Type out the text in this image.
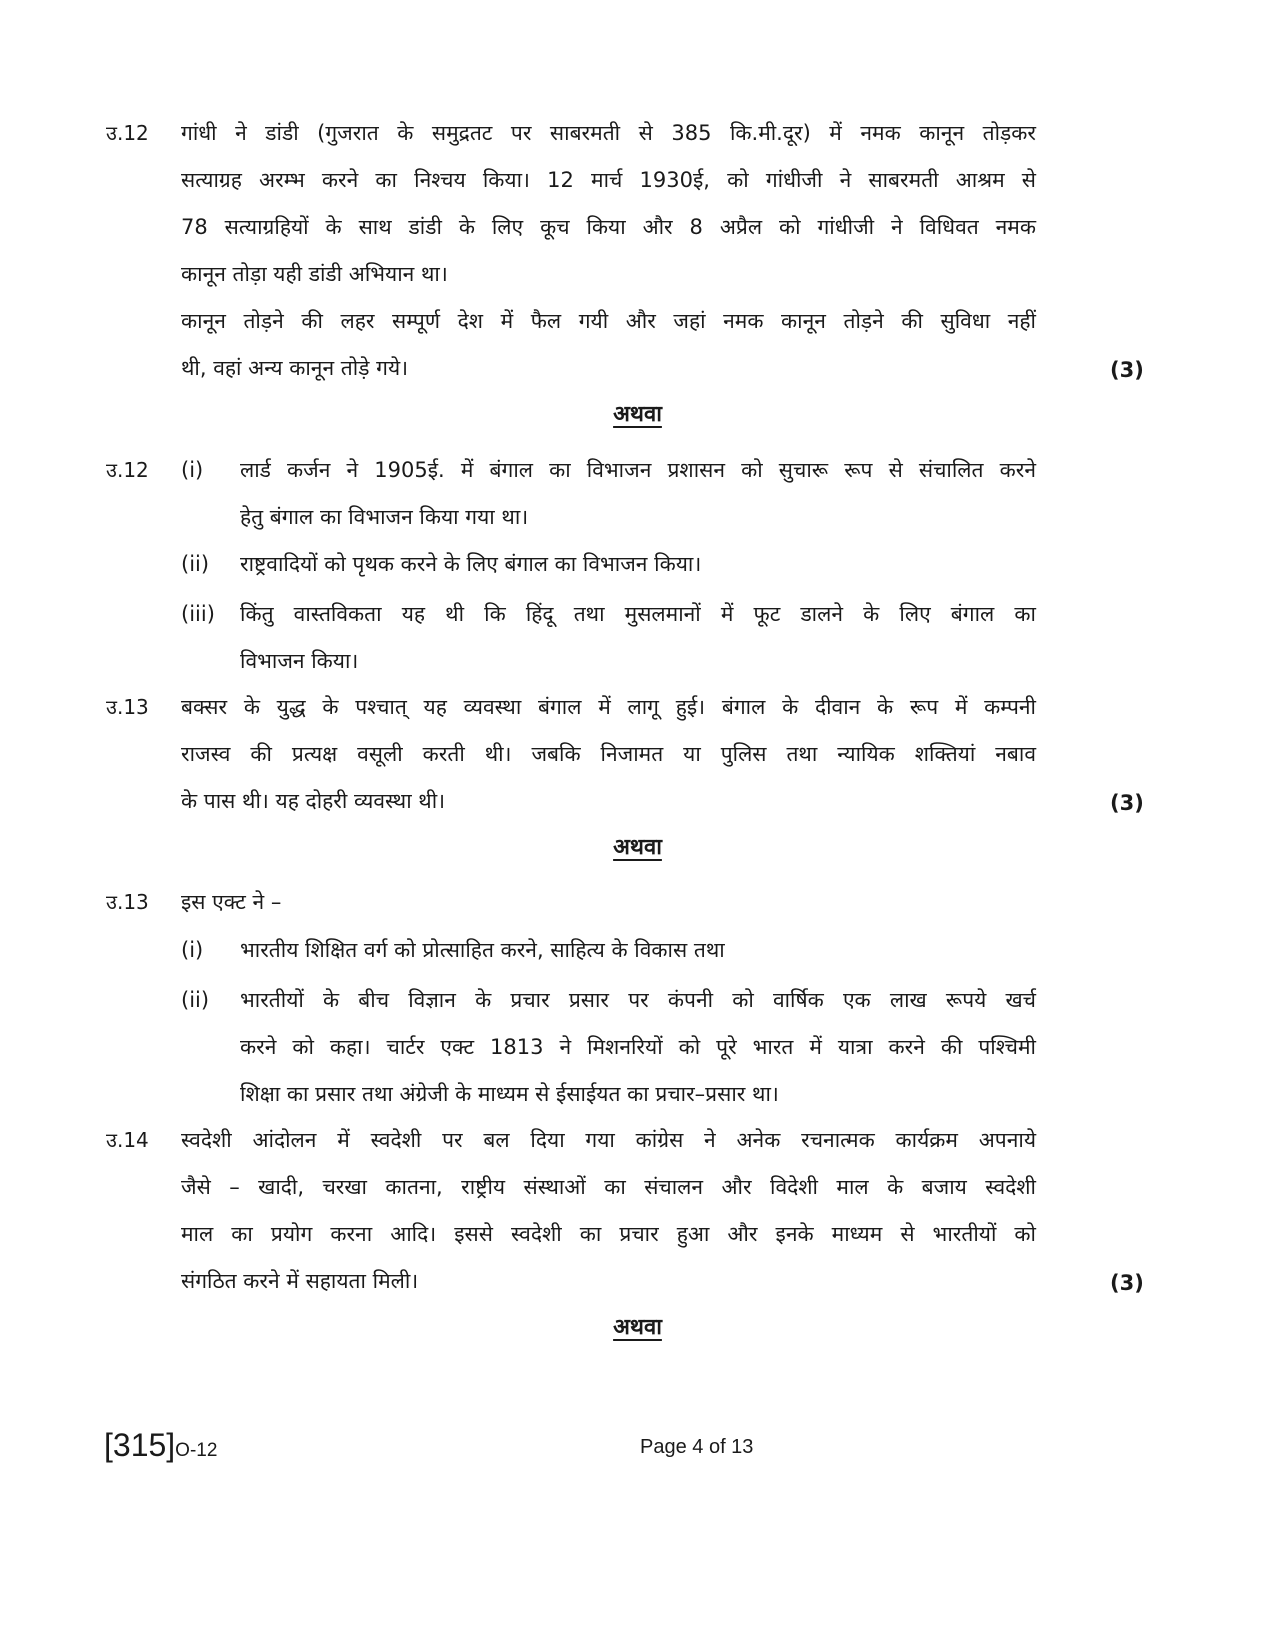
उ.12 गांधी ने डांडी (गुजरात के समुद्रतट पर साबरमती से 385 कि.मी.दूर) में नमक कानून तोड़कर
सत्याग्रह अरम्भ करने का निश्चय किया। 12 मार्च 1930ई, को गांधीजी ने साबरमती आश्रम से
78 सत्याग्रहियों के साथ डांडी के लिए कूच किया और 8 अप्रैल को गांधीजी ने विधिवत नमक
कानून तोड़ा यही डांडी अभियान था।
कानून तोड़ने की लहर सम्पूर्ण देश में फैल गयी और जहां नमक कानून तोड़ने की सुविधा नहीं
थी, वहां अन्य कानून तोड़े गये।	(3)
अथवा
उ.12 (i) लार्ड कर्जन ने 1905ई. में बंगाल का विभाजन प्रशासन को सुचारू रूप से संचालित करने
हेतु बंगाल का विभाजन किया गया था।
(ii) राष्ट्रवादियों को पृथक करने के लिए बंगाल का विभाजन किया।
(iii) किंतु वास्तविकता यह थी कि हिंदू तथा मुसलमानों में फूट डालने के लिए बंगाल का
विभाजन किया।
उ.13 बक्सर के युद्ध के पश्चात् यह व्यवस्था बंगाल में लागू हुई। बंगाल के दीवान के रूप में कम्पनी
राजस्व की प्रत्यक्ष वसूली करती थी। जबकि निजामत या पुलिस तथा न्यायिक शक्तियां नबाव
के पास थी। यह दोहरी व्यवस्था थी।	(3)
अथवा
उ.13 इस एक्ट ने –
(i) भारतीय शिक्षित वर्ग को प्रोत्साहित करने, साहित्य के विकास तथा
(ii) भारतीयों के बीच विज्ञान के प्रचार प्रसार पर कंपनी को वार्षिक एक लाख रूपये खर्च
करने को कहा। चार्टर एक्ट 1813 ने मिशनरियों को पूरे भारत में यात्रा करने की पश्चिमी
शिक्षा का प्रसार तथा अंग्रेजी के माध्यम से ईसाईयत का प्रचार–प्रसार था।
उ.14 स्वदेशी आंदोलन में स्वदेशी पर बल दिया गया कांग्रेस ने अनेक रचनात्मक कार्यक्रम अपनाये
जैसे – खादी, चरखा कातना, राष्ट्रीय संस्थाओं का संचालन और विदेशी माल के बजाय स्वदेशी
माल का प्रयोग करना आदि। इससे स्वदेशी का प्रचार हुआ और इनके माध्यम से भारतीयों को
संगठित करने में सहायता मिली।	(3)
अथवा
[315]O-12	Page 4 of 13
